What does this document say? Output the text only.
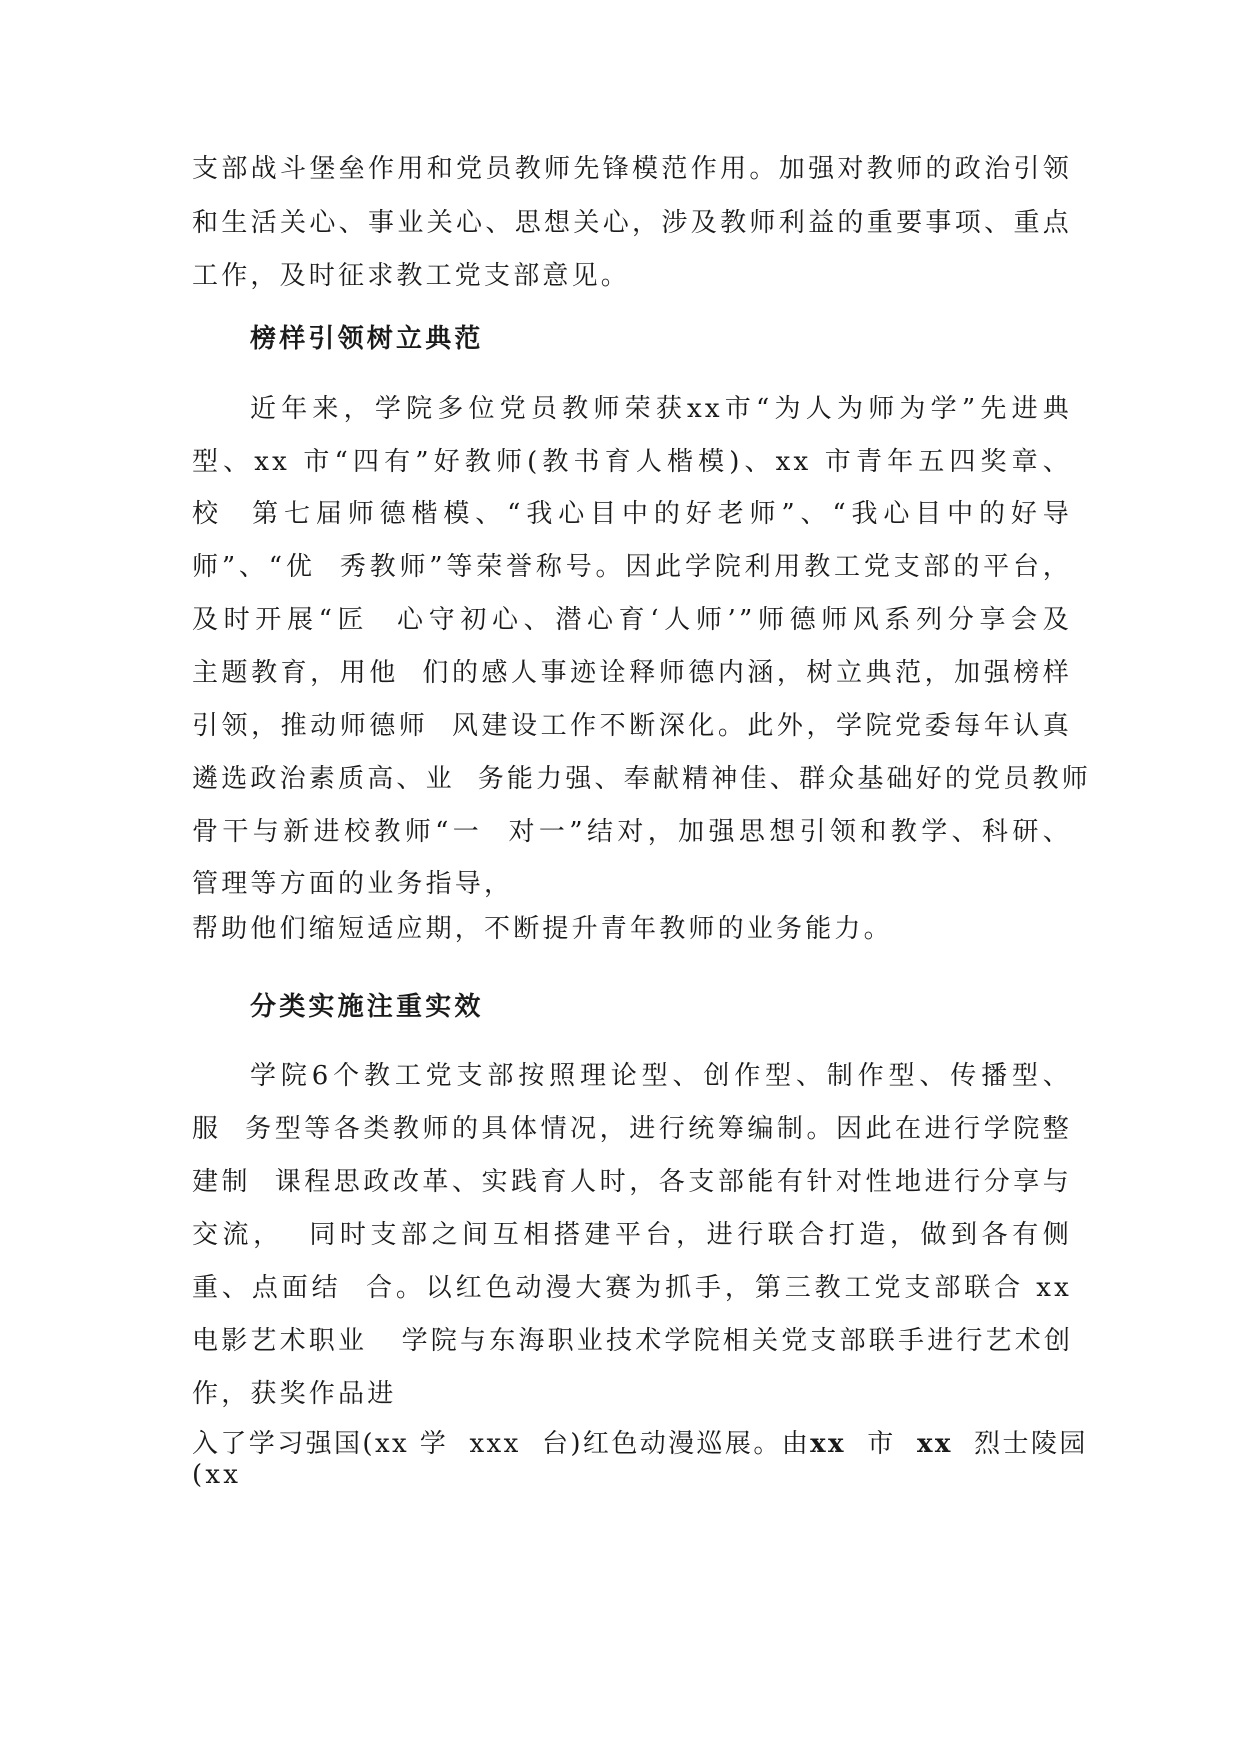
支部战斗堡垒作用和党员教师先锋模范作用。加强对教师的政治引领
和生活关心、事业关心、思想关心，涉及教师利益的重要事项、重点
工作，及时征求教工党支部意见。
榜样引领树立典范
近年来，学院多位党员教师荣获xx市“为人为师为学”先进典
型、xx 市“四有”好教师(教书育人楷模)、xx 市青年五四奖章、
校  第七届师德楷模、“我心目中的好老师”、“我心目中的好导
师”、“优  秀教师”等荣誉称号。因此学院利用教工党支部的平台，
及时开展“匠  心守初心、潜心育‘人师’”师德师风系列分享会及
主题教育，用他  们的感人事迹诠释师德内涵，树立典范，加强榜样
引领，推动师德师  风建设工作不断深化。此外，学院党委每年认真
遴选政治素质高、业  务能力强、奉献精神佳、群众基础好的党员教师
骨干与新进校教师“一  对一”结对，加强思想引领和教学、科研、
管理等方面的业务指导，
帮助他们缩短适应期，不断提升青年教师的业务能力。
分类实施注重实效
学院6个教工党支部按照理论型、创作型、制作型、传播型、
服  务型等各类教师的具体情况，进行统筹编制。因此在进行学院整
建制  课程思政改革、实践育人时，各支部能有针对性地进行分享与
交流，  同时支部之间互相搭建平台，进行联合打造，做到各有侧
重、点面结  合。以红色动漫大赛为抓手，第三教工党支部联合 xx
电影艺术职业   学院与东海职业技术学院相关党支部联手进行艺术创
作，获奖作品进
入了学习强国(xx 学  xxx  台)红色动漫巡展。由xx  市  xx  烈士陵园
(xx
